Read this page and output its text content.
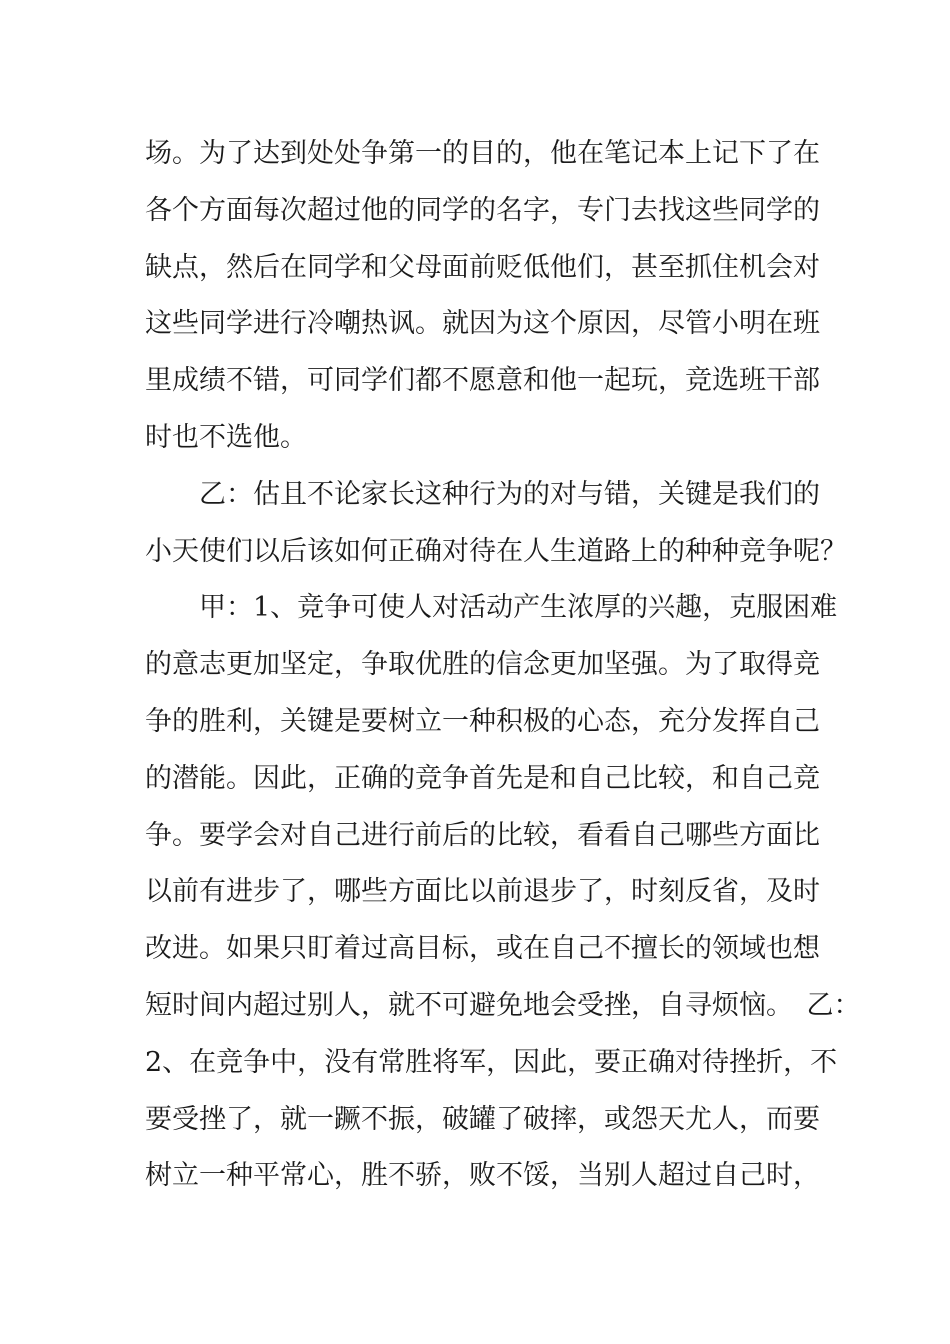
场。为了达到处处争第一的目的，他在笔记本上记下了在
各个方面每次超过他的同学的名字，专门去找这些同学的
缺点，然后在同学和父母面前贬低他们，甚至抓住机会对
这些同学进行冷嘲热讽。就因为这个原因，尽管小明在班
里成绩不错，可同学们都不愿意和他一起玩，竞选班干部
时也不选他。
　　乙：估且不论家长这种行为的对与错，关键是我们的
小天使们以后该如何正确对待在人生道路上的种种竞争呢？
　　甲：1、竞争可使人对活动产生浓厚的兴趣，克服困难
的意志更加坚定，争取优胜的信念更加坚强。为了取得竞
争的胜利，关键是要树立一种积极的心态，充分发挥自己
的潜能。因此，正确的竞争首先是和自己比较，和自己竞
争。要学会对自己进行前后的比较，看看自己哪些方面比
以前有进步了，哪些方面比以前退步了，时刻反省，及时
改进。如果只盯着过高目标，或在自己不擅长的领域也想
短时间内超过别人，就不可避免地会受挫，自寻烦恼。　乙：
2、在竞争中，没有常胜将军，因此，要正确对待挫折，不
要受挫了，就一蹶不振，破罐了破摔，或怨天尤人，而要
树立一种平常心，胜不骄，败不馁，当别人超过自己时，
